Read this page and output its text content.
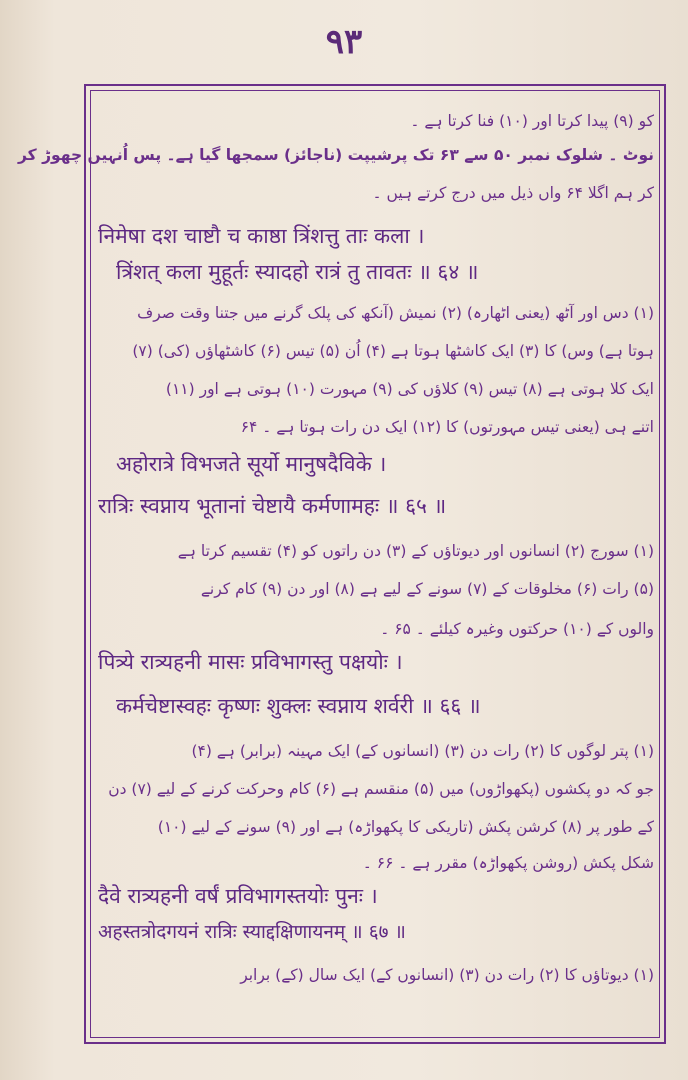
٩٣
کو (۹) پیدا کرتا اور (۱۰) فنا کرتا ہے ۔
نوٹ ۔ شلوک نمبر ۵۰ سے ۶۳ تک پرشیپت (ناجائز) سمجھا گیا ہے۔ پس اُنہیں چھوڑ کر
کر ہم اگلا ۶۴ واں ذیل میں درج کرتے ہیں ۔
निमेषा दश चाष्टौ च काष्ठा त्रिंशत्तु ताः कला ।
त्रिंशत् कला मुहूर्तः स्यादहो रात्रं तु तावतः ॥ ६४ ॥
(۱) دس اور آٹھ (یعنی اٹھارہ) (۲) نمیش (آنکھ کی پلک گرنے میں جتنا وقت صرف
ہوتا ہے) وس) کا (۳) ایک کاشٹھا ہوتا ہے (۴) اُن (۵) تیس (۶) کاشٹھاؤں (کی) (۷)
ایک کلا ہوتی ہے (۸) تیس (۹) کلاؤں کی (۹) مہورت (۱۰) ہوتی ہے اور (۱۱)
اتنے ہی (یعنی تیس مہورتوں) کا (۱۲) ایک دن رات ہوتا ہے ۔ ۶۴
अहोरात्रे विभजते सूर्यो मानुषदैविके ।
रात्रिः स्वप्नाय भूतानां चेष्टायै कर्मणामहः ॥ ६५ ॥
(۱) سورج (۲) انسانوں اور دیوتاؤں کے (۳) دن راتوں کو (۴) تقسیم کرتا ہے
(۵) رات (۶) مخلوقات کے (۷) سونے کے لیے ہے (۸) اور دن (۹) کام کرنے
والوں کے (۱۰) حرکتوں وغیرہ کیلئے ۔ ۶۵ ۔
पित्र्ये रात्र्यहनी मासः प्रविभागस्तु पक्षयोः ।
कर्मचेष्टास्वहः कृष्णः शुक्लः स्वप्नाय शर्वरी ॥ ६६ ॥
(۱) پتر لوگوں کا (۲) رات دن (۳) (انسانوں کے) ایک مہینہ (برابر) ہے (۴)
جو کہ دو پکشوں (پکھواڑوں) میں (۵) منقسم ہے (۶) کام وحرکت کرنے کے لیے (۷) دن
کے طور پر (۸) کرشن پکش (تاریکی کا پکھواڑہ) ہے اور (۹) سونے کے لیے (۱۰)
شکل پکش (روشن پکھواڑہ) مقرر ہے ۔ ۶۶ ۔
दैवे रात्र्यहनी वर्षं प्रविभागस्तयोः पुनः ।
अहस्तत्रोदगयनं रात्रिः स्याद्दक्षिणायनम् ॥ ६७ ॥
(۱) دیوتاؤں کا (۲) رات دن (۳) (انسانوں کے) ایک سال (کے) برابر
